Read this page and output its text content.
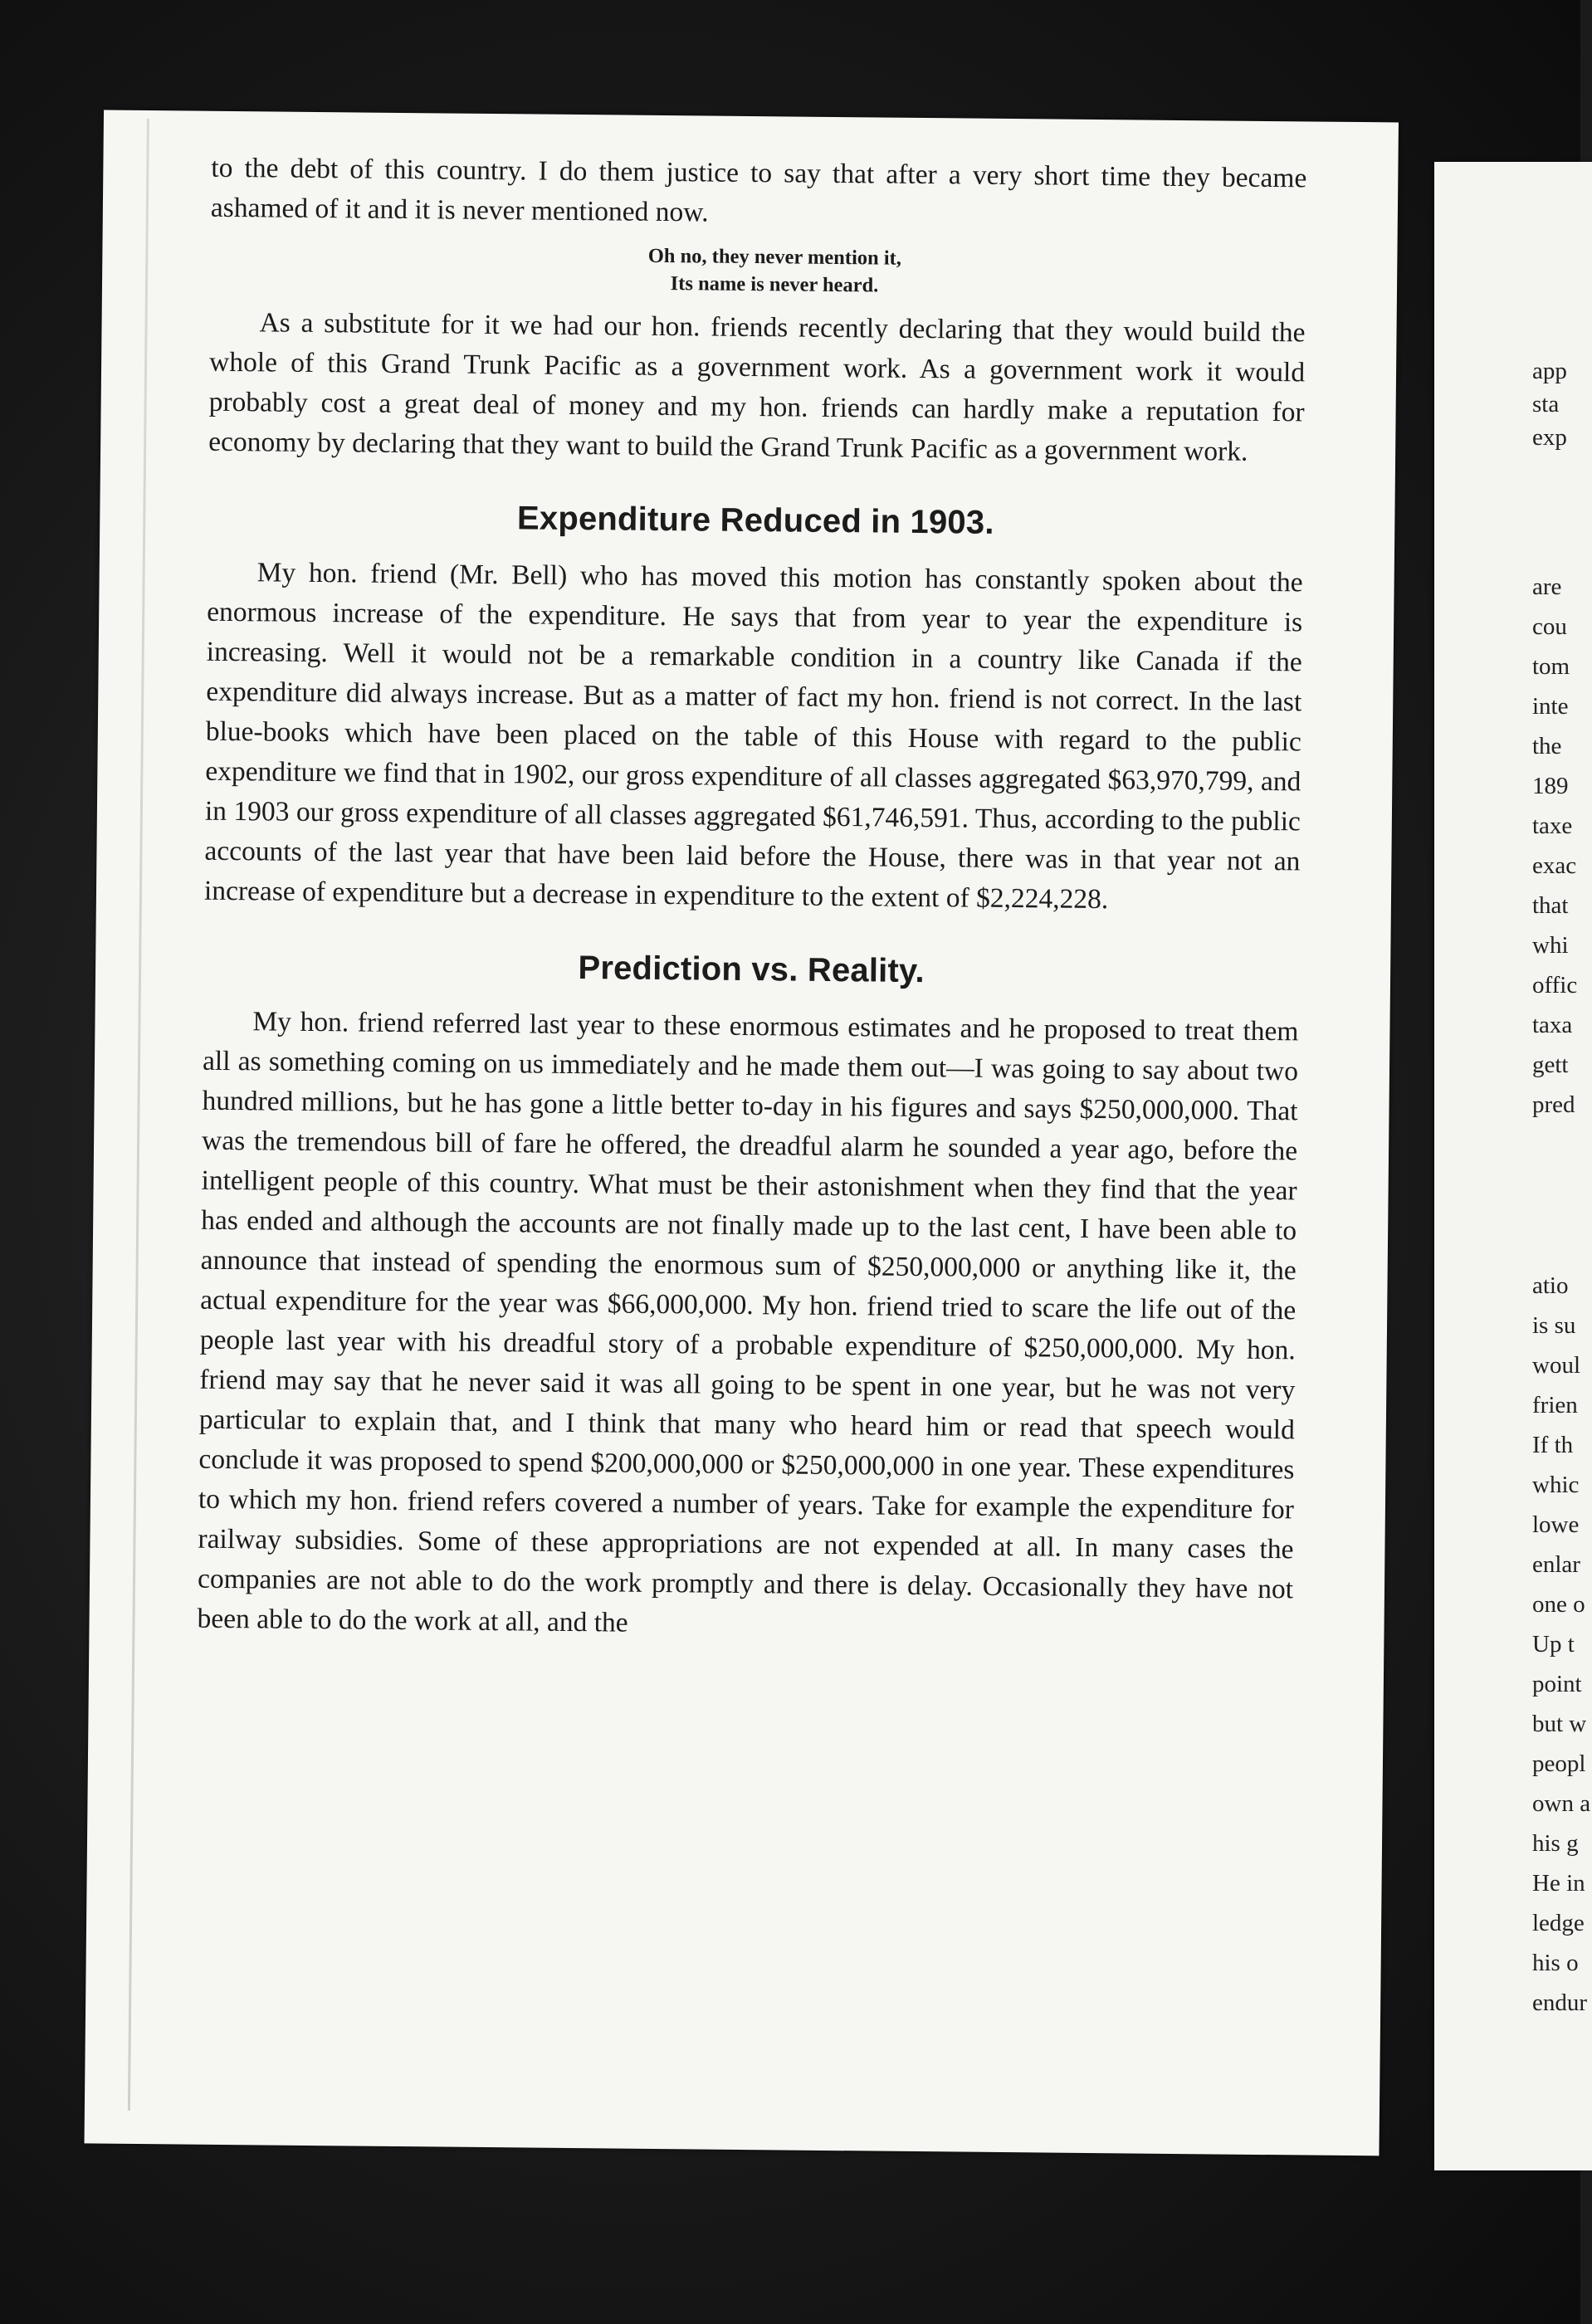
app
sta
exp
are
cou
tom
inte
the
189
taxe
exac
that
whi
offic
taxa
gett
pred
atio
is su
woul
frien
If th
whic
lowe
enlar
one o
Up t
point
but w
peopl
own a
his g
He in
ledge
his o
endur

to the debt of this country. I do them justice to say that after a very short time they became ashamed of it and it is never mentioned now.

Oh no, they never mention it,
Its name is never heard.

As a substitute for it we had our hon. friends recently declaring that they would build the whole of this Grand Trunk Pacific as a government work. As a government work it would probably cost a great deal of money and my hon. friends can hardly make a reputation for economy by declaring that they want to build the Grand Trunk Pacific as a government work.

Expenditure Reduced in 1903.

My hon. friend (Mr. Bell) who has moved this motion has constantly spoken about the enormous increase of the expenditure. He says that from year to year the expenditure is increasing. Well it would not be a remarkable condition in a country like Canada if the expenditure did always increase. But as a matter of fact my hon. friend is not correct. In the last blue-books which have been placed on the table of this House with regard to the public expenditure we find that in 1902, our gross expenditure of all classes aggregated $63,970,799, and in 1903 our gross expenditure of all classes aggregated $61,746,591. Thus, according to the public accounts of the last year that have been laid before the House, there was in that year not an increase of expenditure but a decrease in expenditure to the extent of $2,224,228.

Prediction vs. Reality.

My hon. friend referred last year to these enormous estimates and he proposed to treat them all as something coming on us immediately and he made them out—I was going to say about two hundred millions, but he has gone a little better to-day in his figures and says $250,000,000. That was the tremendous bill of fare he offered, the dreadful alarm he sounded a year ago, before the intelligent people of this country. What must be their astonishment when they find that the year has ended and although the accounts are not finally made up to the last cent, I have been able to announce that instead of spending the enormous sum of $250,000,000 or anything like it, the actual expenditure for the year was $66,000,000. My hon. friend tried to scare the life out of the people last year with his dreadful story of a probable expenditure of $250,000,000. My hon. friend may say that he never said it was all going to be spent in one year, but he was not very particular to explain that, and I think that many who heard him or read that speech would conclude it was proposed to spend $200,000,000 or $250,000,000 in one year. These expenditures to which my hon. friend refers covered a number of years. Take for example the expenditure for railway subsidies. Some of these appropriations are not expended at all. In many cases the companies are not able to do the work promptly and there is delay. Occasionally they have not been able to do the work at all, and the
